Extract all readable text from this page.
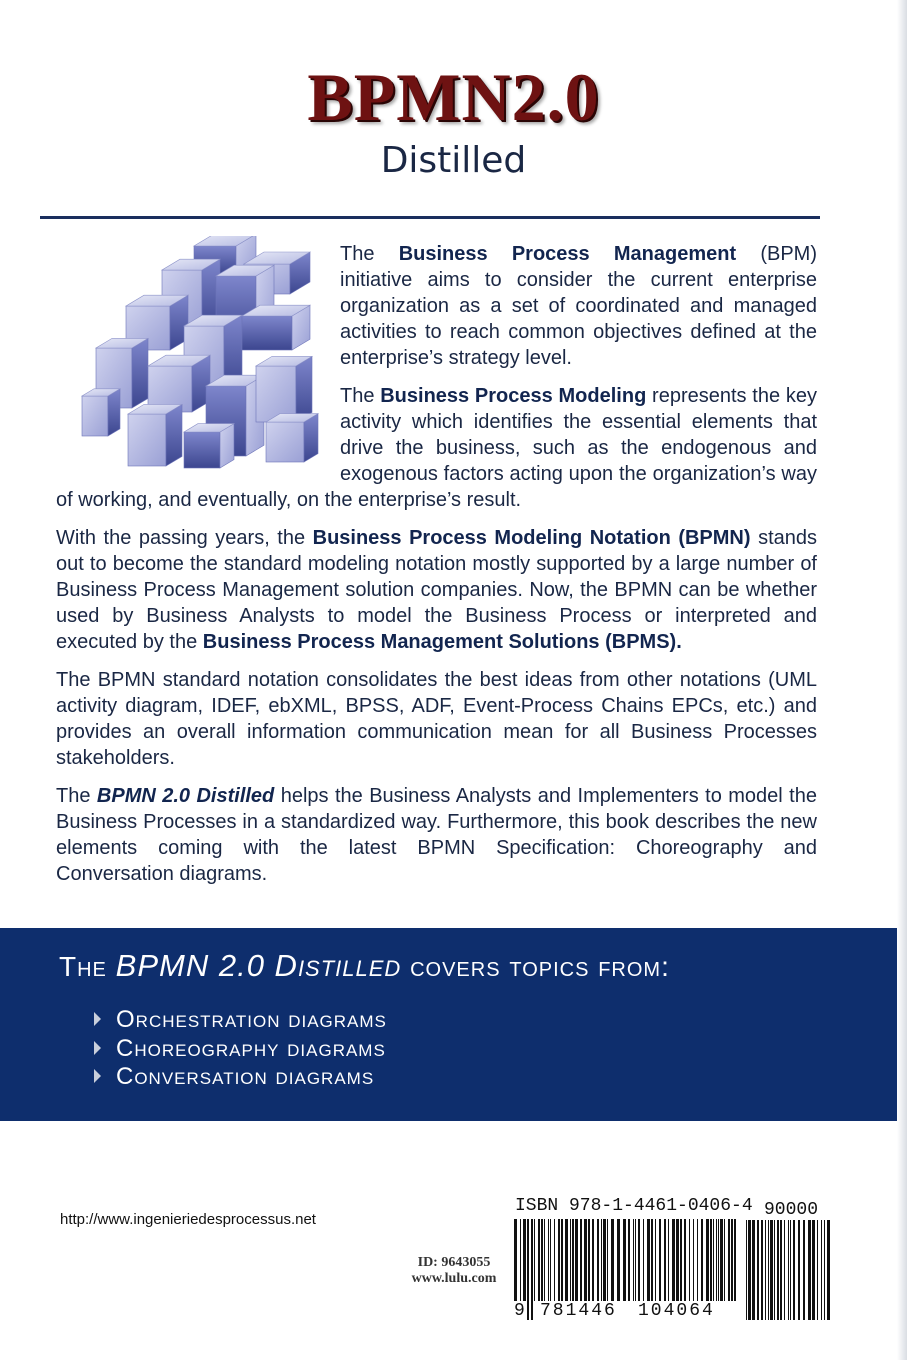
BPMN2.0
Distilled

The Business Process Management (BPM) initiative aims to consider the current enterprise organization as a set of coordinated and managed activities to reach common objectives defined at the enterprise’s strategy level.

The Business Process Modeling represents the key activity which identifies the essential elements that drive the business, such as the endogenous and exogenous factors acting upon the organization’s way of working, and eventually, on the enterprise’s result.

With the passing years, the Business Process Modeling Notation (BPMN) stands out to become the standard modeling notation mostly supported by a large number of Business Process Management solution companies. Now, the BPMN can be whether used by Business Analysts to model the Business Process or interpreted and executed by the Business Process Management Solutions (BPMS).

The BPMN standard notation consolidates the best ideas from other notations (UML activity diagram, IDEF, ebXML, BPSS, ADF, Event-Process Chains EPCs, etc.) and provides an overall information communication mean for all Business Processes stakeholders.

The BPMN 2.0 Distilled helps the Business Analysts and Implementers to model the Business Processes in a standardized way. Furthermore, this book describes the new elements coming with the latest BPMN Specification: Choreography and Conversation diagrams.

The BPMN 2.0 Distilled covers topics from:
Orchestration diagrams
Choreography diagrams
Conversation diagrams
http://www.ingenieriedesprocessus.net
ID: 9643055
www.lulu.com
ISBN 978-1-4461-0406-4 90000
9 781446 104064
